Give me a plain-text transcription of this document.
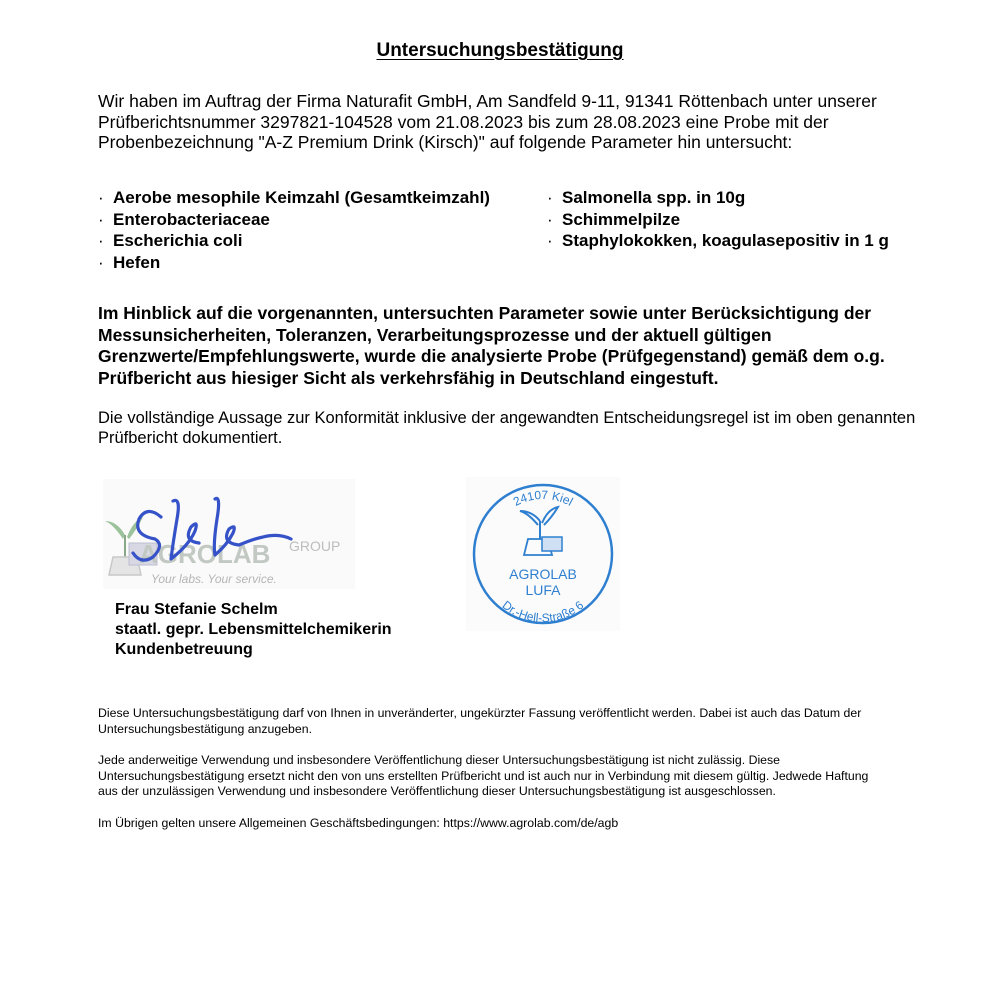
Untersuchungsbestätigung
Wir haben im Auftrag der Firma Naturafit GmbH, Am Sandfeld 9-11, 91341 Röttenbach unter unserer
Prüfberichtsnummer 3297821-104528 vom 21.08.2023 bis zum 28.08.2023 eine Probe mit der
Probenbezeichnung "A-Z Premium Drink (Kirsch)" auf folgende Parameter hin untersucht:
· Aerobe mesophile Keimzahl (Gesamtkeimzahl)
· Enterobacteriaceae
· Escherichia coli
· Hefen
· Salmonella spp. in 10g
· Schimmelpilze
· Staphylokokken, koagulasepositiv in 1 g
Im Hinblick auf die vorgenannten, untersuchten Parameter sowie unter Berücksichtigung der
Messunsicherheiten, Toleranzen, Verarbeitungsprozesse und der aktuell gültigen
Grenzwerte/Empfehlungswerte, wurde die analysierte Probe (Prüfgegenstand) gemäß dem o.g.
Prüfbericht aus hiesiger Sicht als verkehrsfähig in Deutschland eingestuft.
Die vollständige Aussage zur Konformität inklusive der angewandten Entscheidungsregel ist im oben genannten
Prüfbericht dokumentiert.
AGROLAB GROUP
Your labs. Your service.
24107 Kiel
Dr.-Hell-Straße 6
AGROLAB
LUFA
Frau Stefanie Schelm
staatl. gepr. Lebensmittelchemikerin
Kundenbetreuung
Diese Untersuchungsbestätigung darf von Ihnen in unveränderter, ungekürzter Fassung veröffentlicht werden. Dabei ist auch das Datum der
Untersuchungsbestätigung anzugeben.
Jede anderweitige Verwendung und insbesondere Veröffentlichung dieser Untersuchungsbestätigung ist nicht zulässig. Diese
Untersuchungsbestätigung ersetzt nicht den von uns erstellten Prüfbericht und ist auch nur in Verbindung mit diesem gültig. Jedwede Haftung
aus der unzulässigen Verwendung und insbesondere Veröffentlichung dieser Untersuchungsbestätigung ist ausgeschlossen.
Im Übrigen gelten unsere Allgemeinen Geschäftsbedingungen: https://www.agrolab.com/de/agb
